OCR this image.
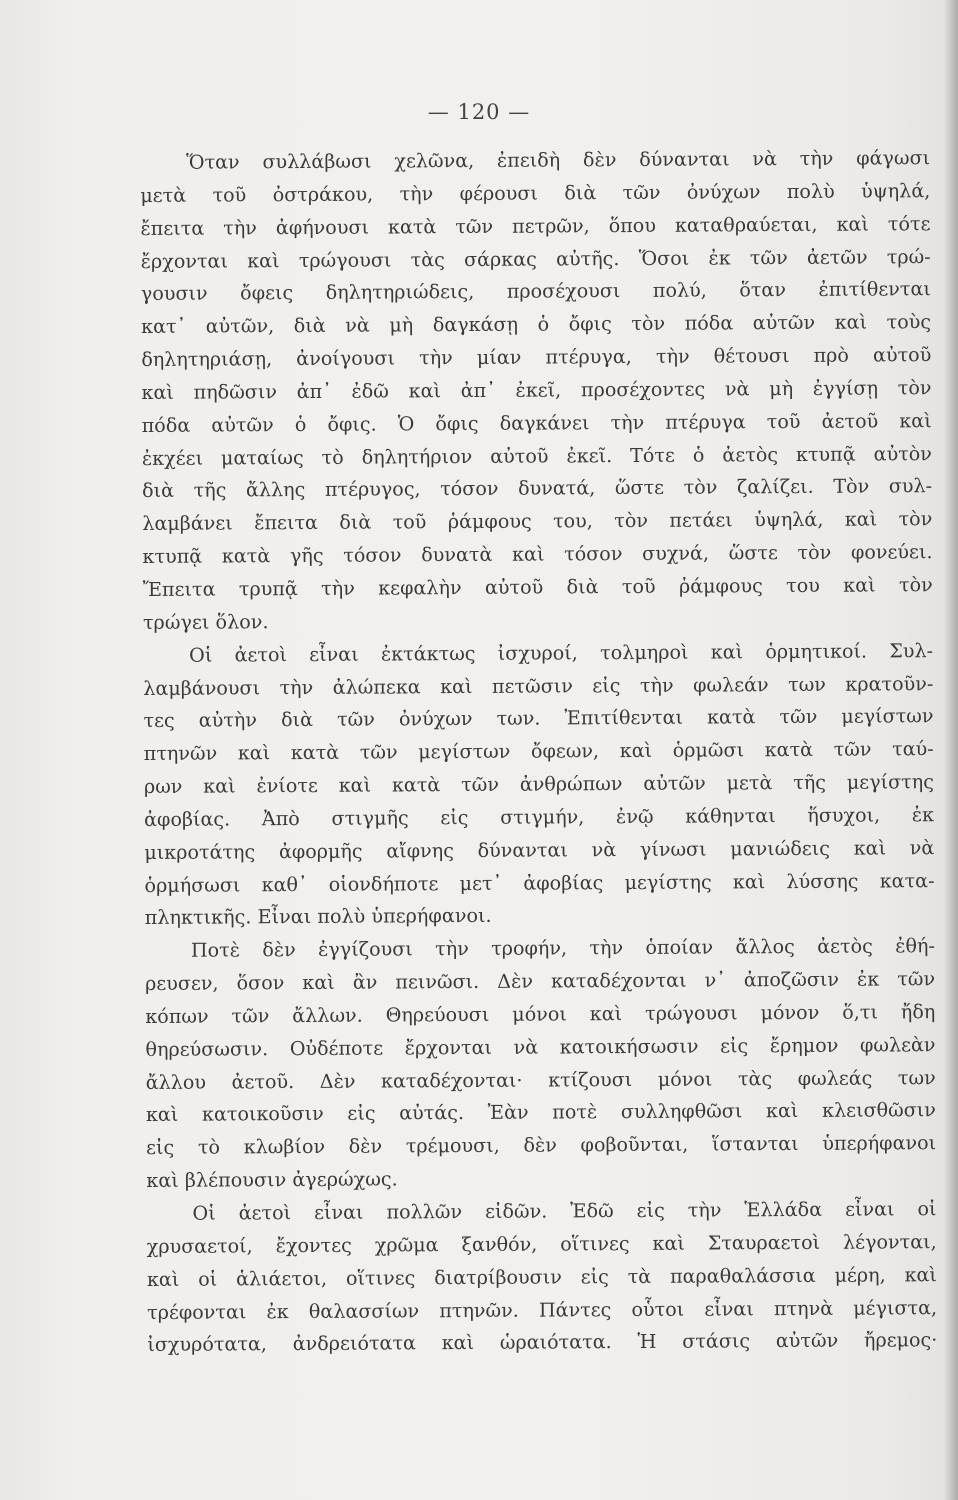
— 120 —
Ὅταν συλλάβωσι χελῶνα, ἐπειδὴ δὲν δύνανται νὰ τὴν φάγωσι
μετὰ τοῦ ὀστράκου, τὴν φέρουσι διὰ τῶν ὀνύχων πολὺ ὑψηλά,
ἔπειτα τὴν ἀφήνουσι κατὰ τῶν πετρῶν, ὅπου καταθραύεται, καὶ τότε
ἔρχονται καὶ τρώγουσι τὰς σάρκας αὐτῆς. Ὅσοι ἐκ τῶν ἀετῶν τρώ-
γουσιν ὄφεις δηλητηριώδεις, προσέχουσι πολύ, ὅταν ἐπιτίθενται
κατ᾽ αὐτῶν, διὰ νὰ μὴ δαγκάσῃ ὁ ὄφις τὸν πόδα αὐτῶν καὶ τοὺς
δηλητηριάσῃ, ἀνοίγουσι τὴν μίαν πτέρυγα, τὴν θέτουσι πρὸ αὐτοῦ
καὶ πηδῶσιν ἀπ᾽ ἐδῶ καὶ ἀπ᾽ ἐκεῖ, προσέχοντες νὰ μὴ ἐγγίσῃ τὸν
πόδα αὐτῶν ὁ ὄφις. Ὁ ὄφις δαγκάνει τὴν πτέρυγα τοῦ ἀετοῦ καὶ
ἐκχέει ματαίως τὸ δηλητήριον αὐτοῦ ἐκεῖ. Τότε ὁ ἀετὸς κτυπᾷ αὐτὸν
διὰ τῆς ἄλλης πτέρυγος, τόσον δυνατά, ὥστε τὸν ζαλίζει. Τὸν συλ-
λαμβάνει ἔπειτα διὰ τοῦ ῥάμφους του, τὸν πετάει ὑψηλά, καὶ τὸν
κτυπᾷ κατὰ γῆς τόσον δυνατὰ καὶ τόσον συχνά, ὥστε τὸν φονεύει.
Ἔπειτα τρυπᾷ τὴν κεφαλὴν αὐτοῦ διὰ τοῦ ῥάμφους του καὶ τὸν
τρώγει ὅλον.
Οἱ ἀετοὶ εἶναι ἐκτάκτως ἰσχυροί, τολμηροὶ καὶ ὁρμητικοί. Συλ-
λαμβάνουσι τὴν ἀλώπεκα καὶ πετῶσιν εἰς τὴν φωλεάν των κρατοῦν-
τες αὐτὴν διὰ τῶν ὀνύχων των. Ἐπιτίθενται κατὰ τῶν μεγίστων
πτηνῶν καὶ κατὰ τῶν μεγίστων ὄφεων, καὶ ὁρμῶσι κατὰ τῶν ταύ-
ρων καὶ ἐνίοτε καὶ κατὰ τῶν ἀνθρώπων αὐτῶν μετὰ τῆς μεγίστης
ἀφοβίας. Ἀπὸ στιγμῆς εἰς στιγμήν, ἐνῷ κάθηνται ἥσυχοι, ἐκ
μικροτάτης ἀφορμῆς αἴφνης δύνανται νὰ γίνωσι μανιώδεις καὶ νὰ
ὁρμήσωσι καθ᾽ οἱονδήποτε μετ᾽ ἀφοβίας μεγίστης καὶ λύσσης κατα-
πληκτικῆς. Εἶναι πολὺ ὑπερήφανοι.
Ποτὲ δὲν ἐγγίζουσι τὴν τροφήν, τὴν ὁποίαν ἄλλος ἀετὸς ἐθή-
ρευσεν, ὅσον καὶ ἂν πεινῶσι. Δὲν καταδέχονται ν᾽ ἀποζῶσιν ἐκ τῶν
κόπων τῶν ἄλλων. Θηρεύουσι μόνοι καὶ τρώγουσι μόνον ὅ,τι ἤδη
θηρεύσωσιν. Οὐδέποτε ἔρχονται νὰ κατοικήσωσιν εἰς ἔρημον φωλεὰν
ἄλλου ἀετοῦ. Δὲν καταδέχονται· κτίζουσι μόνοι τὰς φωλεάς των
καὶ κατοικοῦσιν εἰς αὐτάς. Ἐὰν ποτὲ συλληφθῶσι καὶ κλεισθῶσιν
εἰς τὸ κλωβίον δὲν τρέμουσι, δὲν φοβοῦνται, ἵστανται ὑπερήφανοι
καὶ βλέπουσιν ἀγερώχως.
Οἱ ἀετοὶ εἶναι πολλῶν εἰδῶν. Ἐδῶ εἰς τὴν Ἑλλάδα εἶναι οἱ
χρυσαετοί, ἔχοντες χρῶμα ξανθόν, οἵτινες καὶ Σταυραετοὶ λέγονται,
καὶ οἱ ἁλιάετοι, οἵτινες διατρίβουσιν εἰς τὰ παραθαλάσσια μέρη, καὶ
τρέφονται ἐκ θαλασσίων πτηνῶν. Πάντες οὗτοι εἶναι πτηνὰ μέγιστα,
ἰσχυρότατα, ἀνδρειότατα καὶ ὡραιότατα. Ἡ στάσις αὐτῶν ἤρεμος·
